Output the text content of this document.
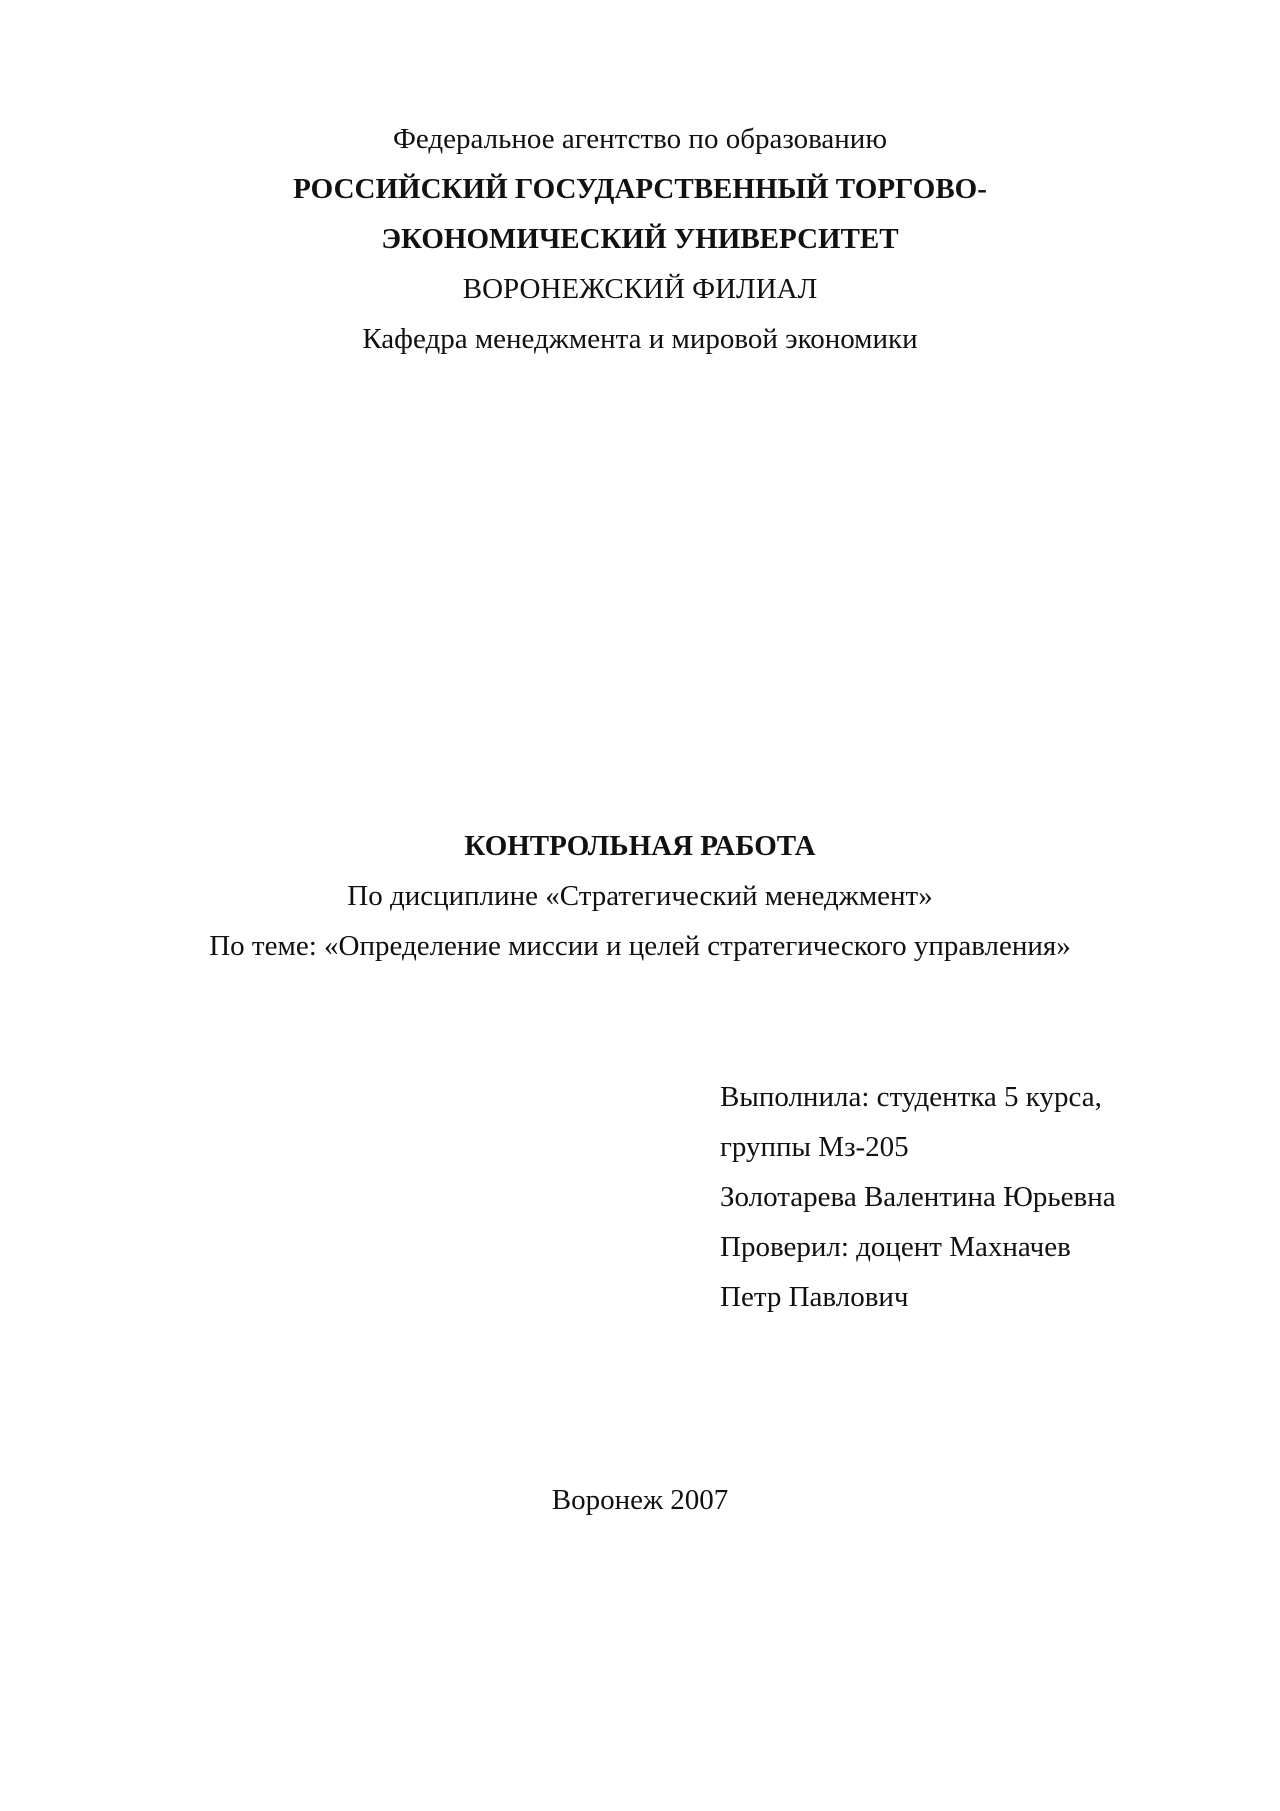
Федеральное агентство по образованию
РОССИЙСКИЙ ГОСУДАРСТВЕННЫЙ ТОРГОВО-
ЭКОНОМИЧЕСКИЙ УНИВЕРСИТЕТ
ВОРОНЕЖСКИЙ ФИЛИАЛ
Кафедра менеджмента и мировой экономики
КОНТРОЛЬНАЯ РАБОТА
По дисциплине «Стратегический менеджмент»
По теме: «Определение миссии и целей стратегического управления»
Выполнила: студентка 5 курса,
группы Мз-205
Золотарева Валентина Юрьевна
Проверил: доцент Махначев
Петр Павлович
Воронеж 2007
